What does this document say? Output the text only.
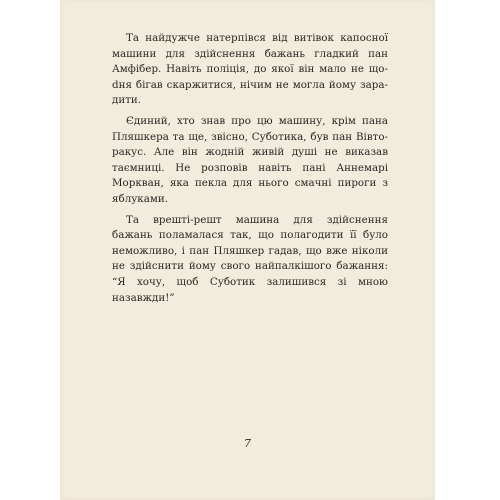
Та найдужче натерпівся від витівок капосної машини для здійснення бажань гладкий пан Амфібер. Навіть поліція, до якої він мало не щоdня бігав скаржитися, нічим не могла йому зарадити.

Єдиний, хто знав про цю машину, крім пана Пляшкера та ще, звісно, Суботика, був пан Вівторакус. Але він жодній живій душі не виказав таємниці. Не розповів навіть пані Аннемарі Моркван, яка пекла для нього смачні пироги з яблуками.

Та врешті-решт машина для здійснення бажань поламалася так, що полагодити її було неможливо, і пан Пляшкер гадав, що вже ніколи не здійснити йому свого найпалкішого бажання: “Я хочу, щоб Суботик залишився зі мною назавжди!”

7
